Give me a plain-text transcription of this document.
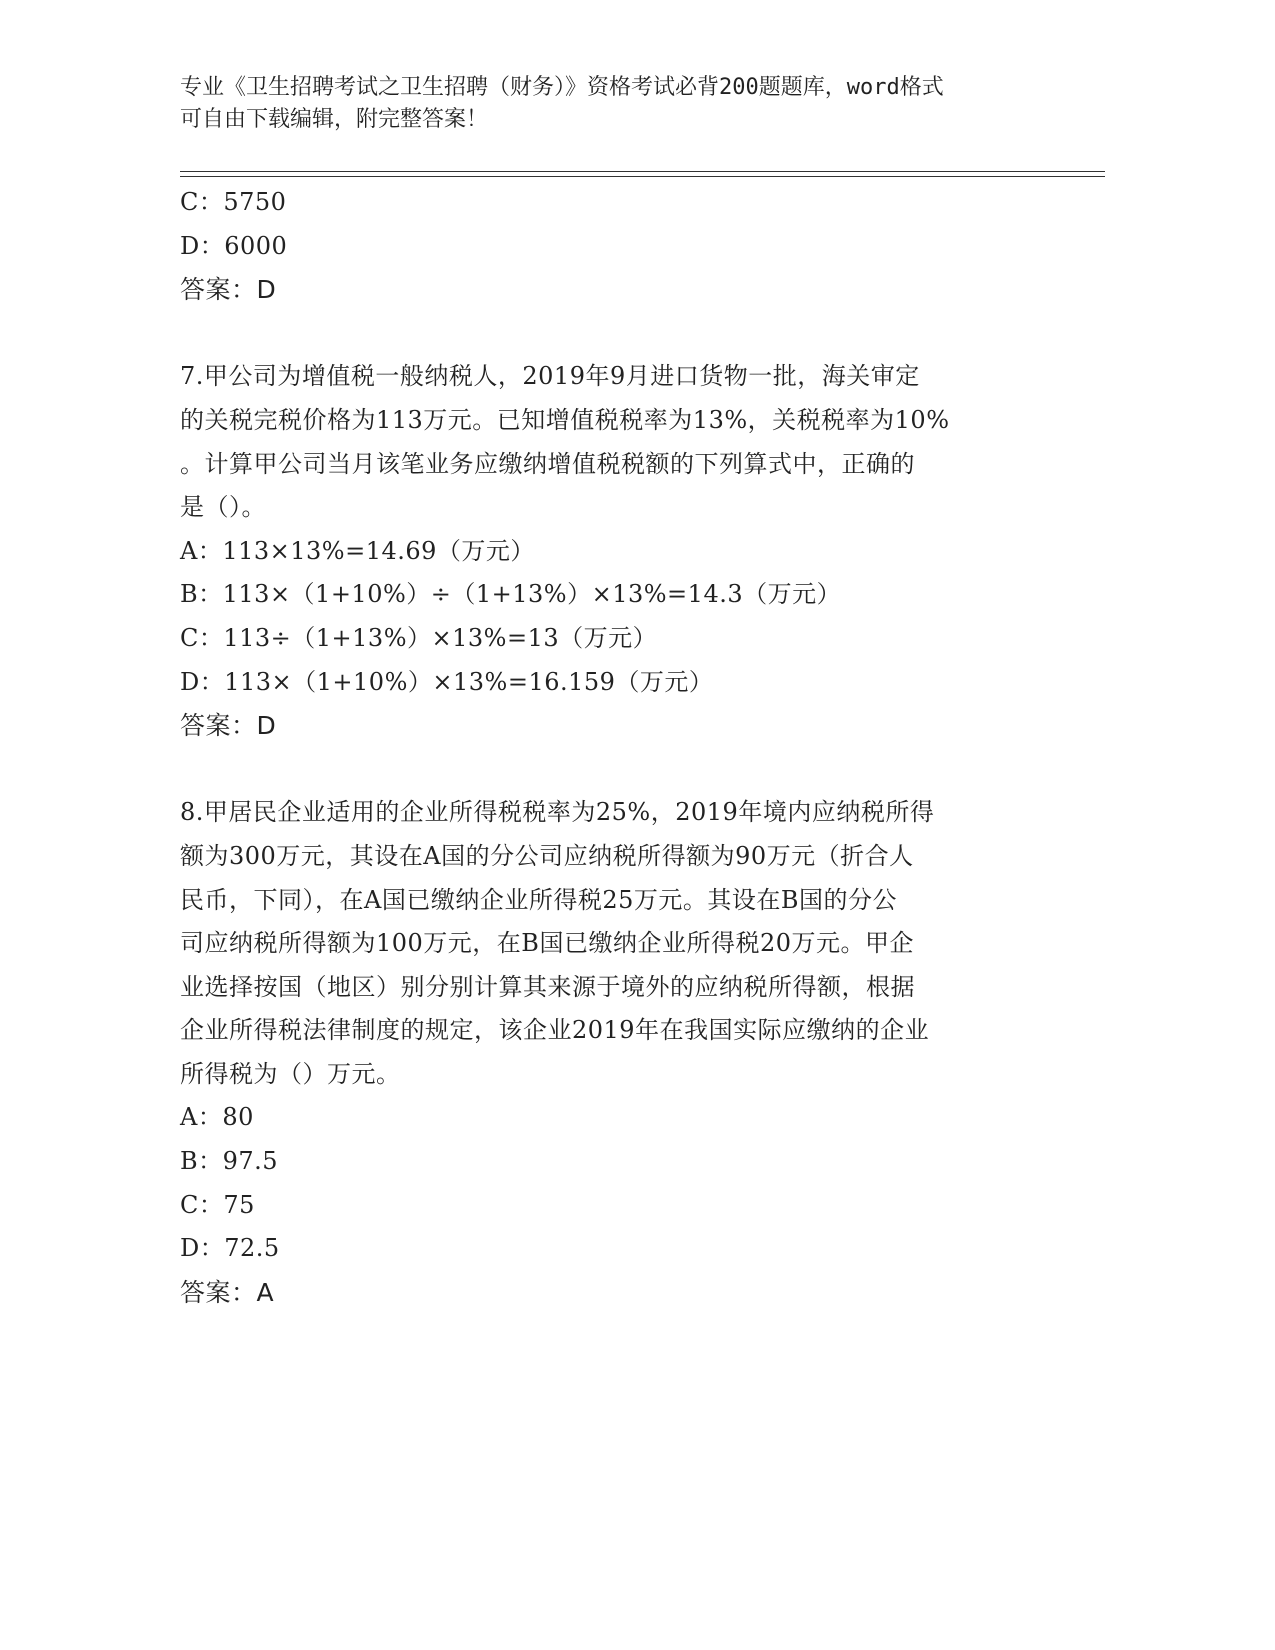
专业《卫生招聘考试之卫生招聘（财务）》资格考试必背200题题库，word格式
可自由下载编辑，附完整答案！
C：5750
D：6000
答案：D
7.甲公司为增值税一般纳税人，2019年9月进口货物一批，海关审定
的关税完税价格为113万元。已知增值税税率为13%，关税税率为10%
。计算甲公司当月该笔业务应缴纳增值税税额的下列算式中，正确的
是（）。
A：113×13%=14.69（万元）
B：113×（1+10%）÷（1+13%）×13%=14.3（万元）
C：113÷（1+13%）×13%=13（万元）
D：113×（1+10%）×13%=16.159（万元）
答案：D
8.甲居民企业适用的企业所得税税率为25%，2019年境内应纳税所得
额为300万元，其设在A国的分公司应纳税所得额为90万元（折合人
民币，下同），在A国已缴纳企业所得税25万元。其设在B国的分公
司应纳税所得额为100万元，在B国已缴纳企业所得税20万元。甲企
业选择按国（地区）别分别计算其来源于境外的应纳税所得额，根据
企业所得税法律制度的规定，该企业2019年在我国实际应缴纳的企业
所得税为（）万元。
A：80
B：97.5
C：75
D：72.5
答案：A
